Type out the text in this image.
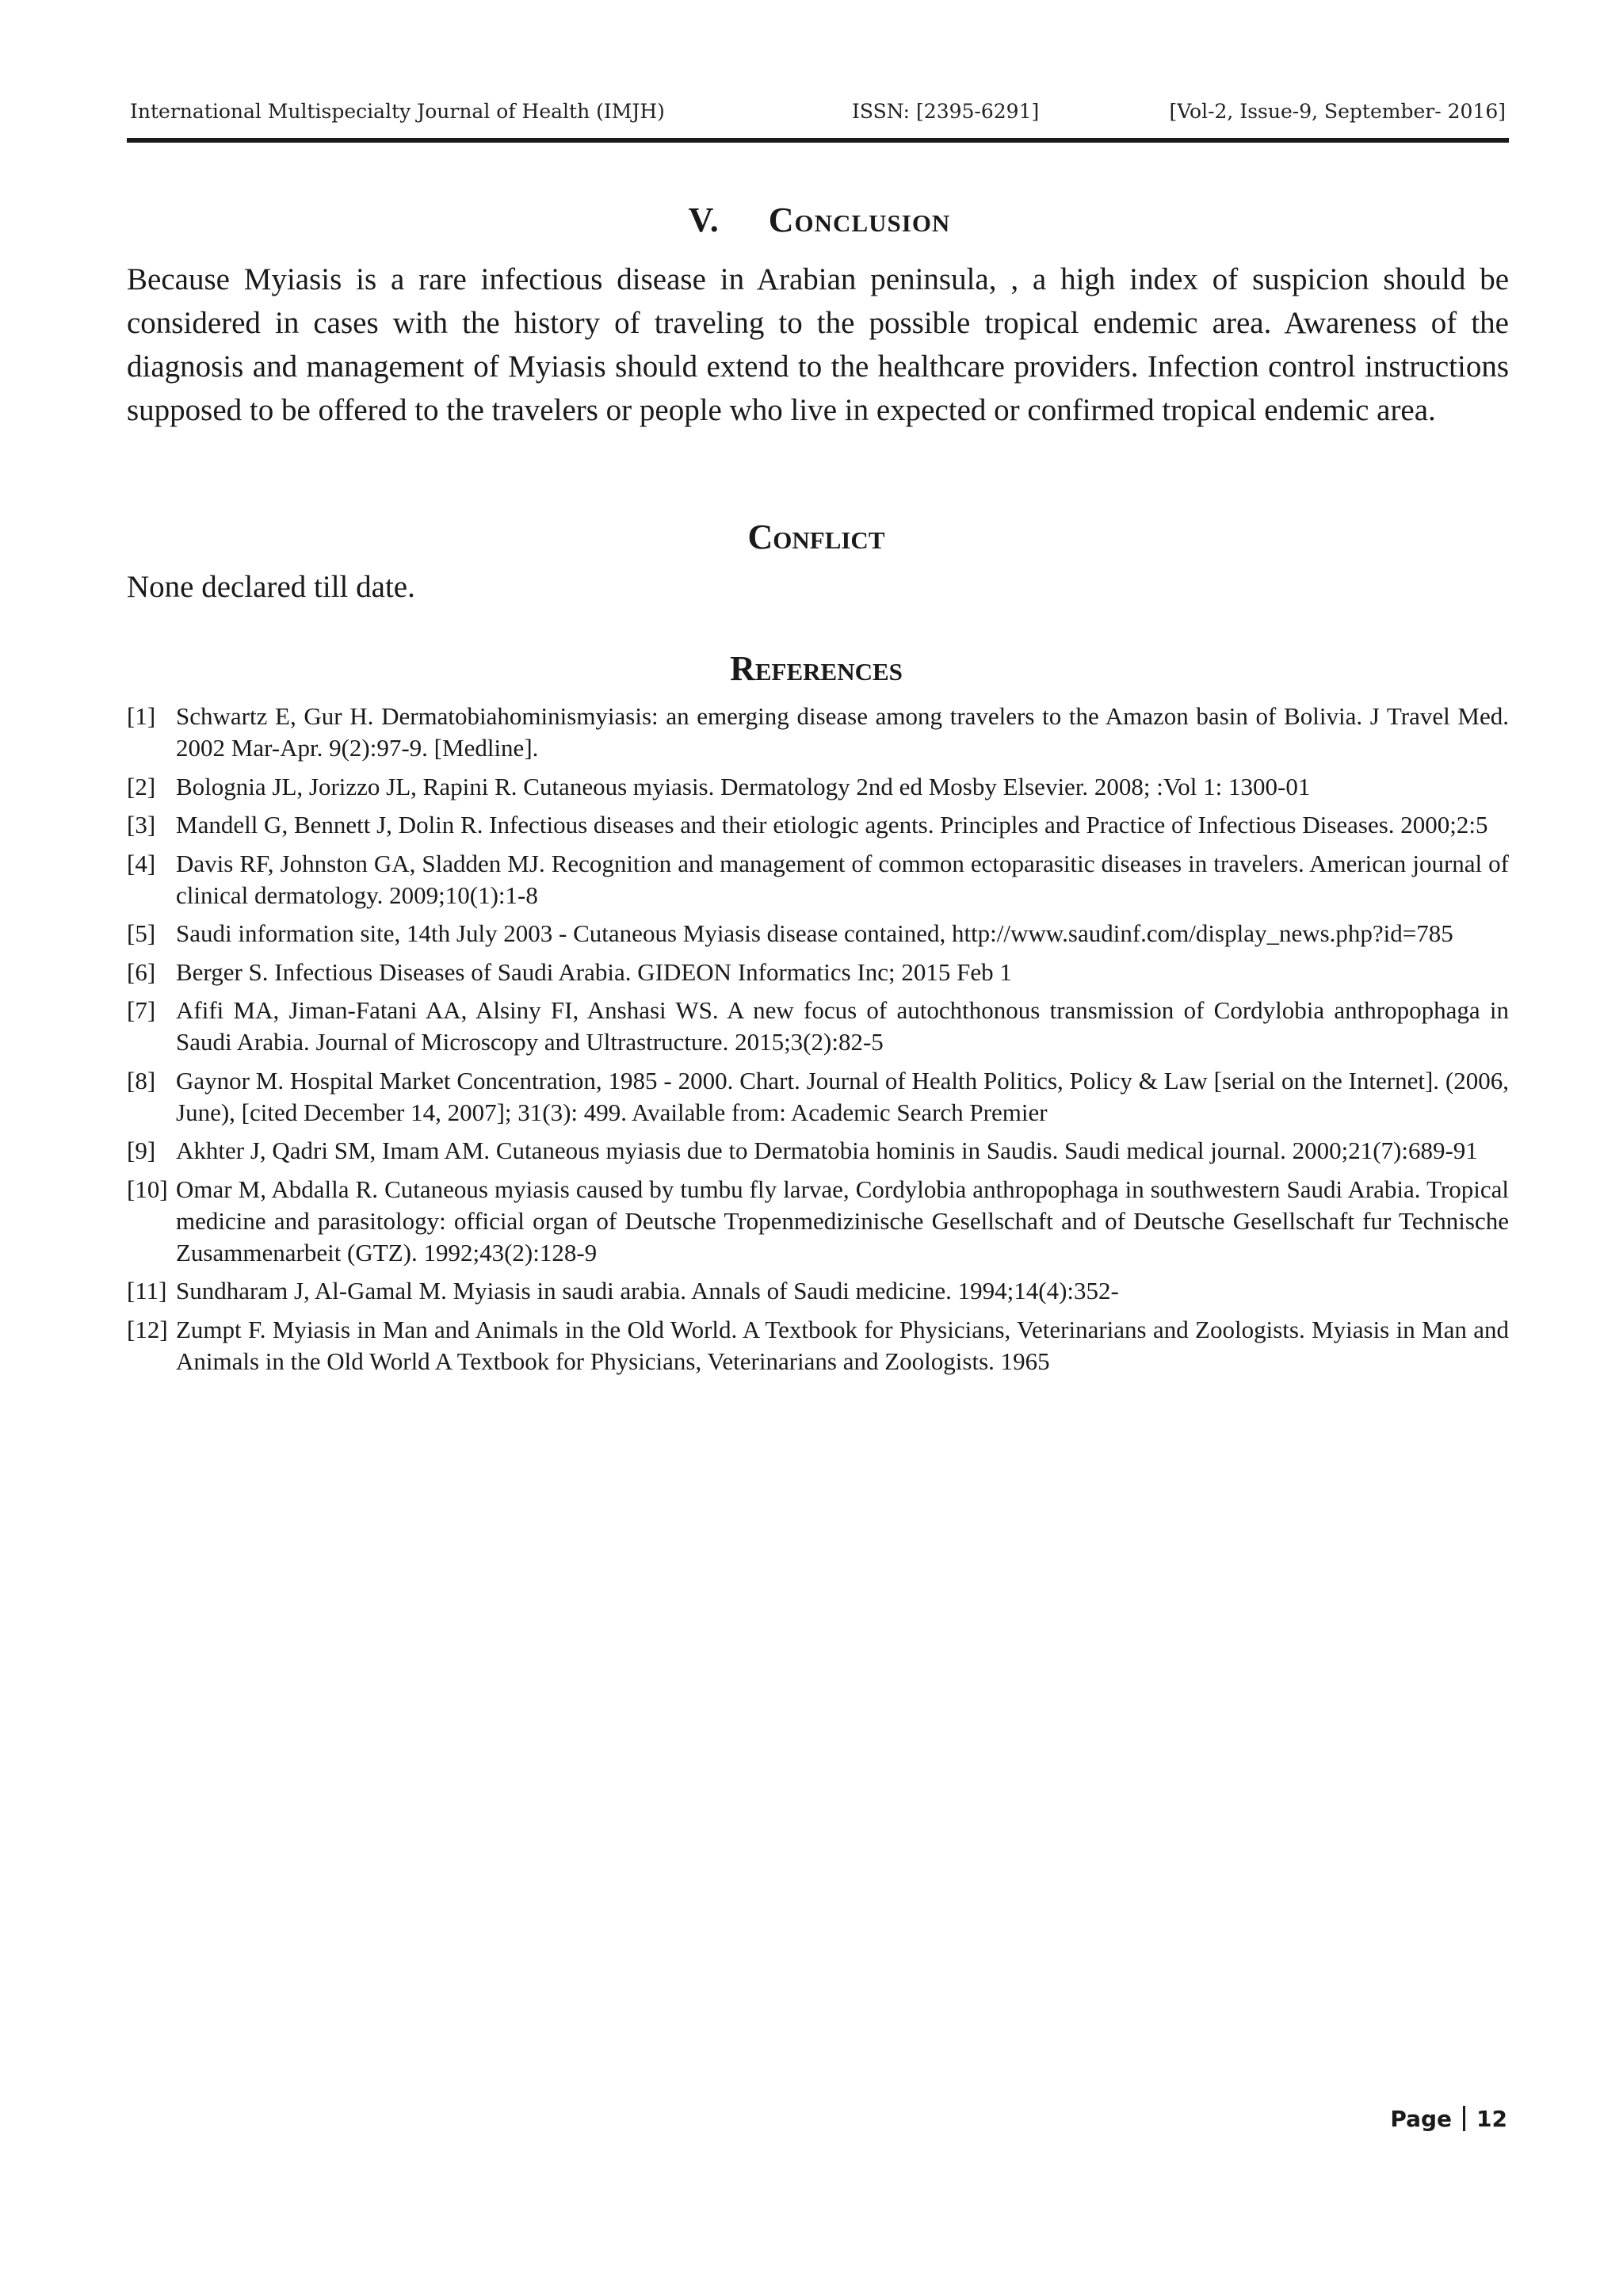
International Multispecialty Journal of Health (IMJH)	ISSN: [2395-6291]	[Vol-2, Issue-9, September- 2016]
V. Conclusion
Because Myiasis is a rare infectious disease in Arabian peninsula, , a high index of suspicion should be considered in cases with the history of traveling to the possible tropical endemic area. Awareness of the diagnosis and management of Myiasis should extend to the healthcare providers. Infection control instructions supposed to be offered to the travelers or people who live in expected or confirmed tropical endemic area.
Conflict
None declared till date.
References
[1] Schwartz E, Gur H. Dermatobiahominismyiasis: an emerging disease among travelers to the Amazon basin of Bolivia. J Travel Med. 2002 Mar-Apr. 9(2):97-9. [Medline].
[2] Bolognia JL, Jorizzo JL, Rapini R. Cutaneous myiasis. Dermatology 2nd ed Mosby Elsevier. 2008; :Vol 1: 1300-01
[3] Mandell G, Bennett J, Dolin R. Infectious diseases and their etiologic agents. Principles and Practice of Infectious Diseases. 2000;2:5
[4] Davis RF, Johnston GA, Sladden MJ. Recognition and management of common ectoparasitic diseases in travelers. American journal of clinical dermatology. 2009;10(1):1-8
[5] Saudi information site, 14th July 2003 - Cutaneous Myiasis disease contained, http://www.saudinf.com/display_news.php?id=785
[6] Berger S. Infectious Diseases of Saudi Arabia. GIDEON Informatics Inc; 2015 Feb 1
[7] Afifi MA, Jiman-Fatani AA, Alsiny FI, Anshasi WS. A new focus of autochthonous transmission of Cordylobia anthropophaga in Saudi Arabia. Journal of Microscopy and Ultrastructure. 2015;3(2):82-5
[8] Gaynor M. Hospital Market Concentration, 1985 - 2000. Chart. Journal of Health Politics, Policy & Law [serial on the Internet]. (2006, June), [cited December 14, 2007]; 31(3): 499. Available from: Academic Search Premier
[9] Akhter J, Qadri SM, Imam AM. Cutaneous myiasis due to Dermatobia hominis in Saudis. Saudi medical journal. 2000;21(7):689-91
[10] Omar M, Abdalla R. Cutaneous myiasis caused by tumbu fly larvae, Cordylobia anthropophaga in southwestern Saudi Arabia. Tropical medicine and parasitology: official organ of Deutsche Tropenmedizinische Gesellschaft and of Deutsche Gesellschaft fur Technische Zusammenarbeit (GTZ). 1992;43(2):128-9
[11] Sundharam J, Al-Gamal M. Myiasis in saudi arabia. Annals of Saudi medicine. 1994;14(4):352-
[12] Zumpt F. Myiasis in Man and Animals in the Old World. A Textbook for Physicians, Veterinarians and Zoologists. Myiasis in Man and Animals in the Old World A Textbook for Physicians, Veterinarians and Zoologists. 1965
Page 12
